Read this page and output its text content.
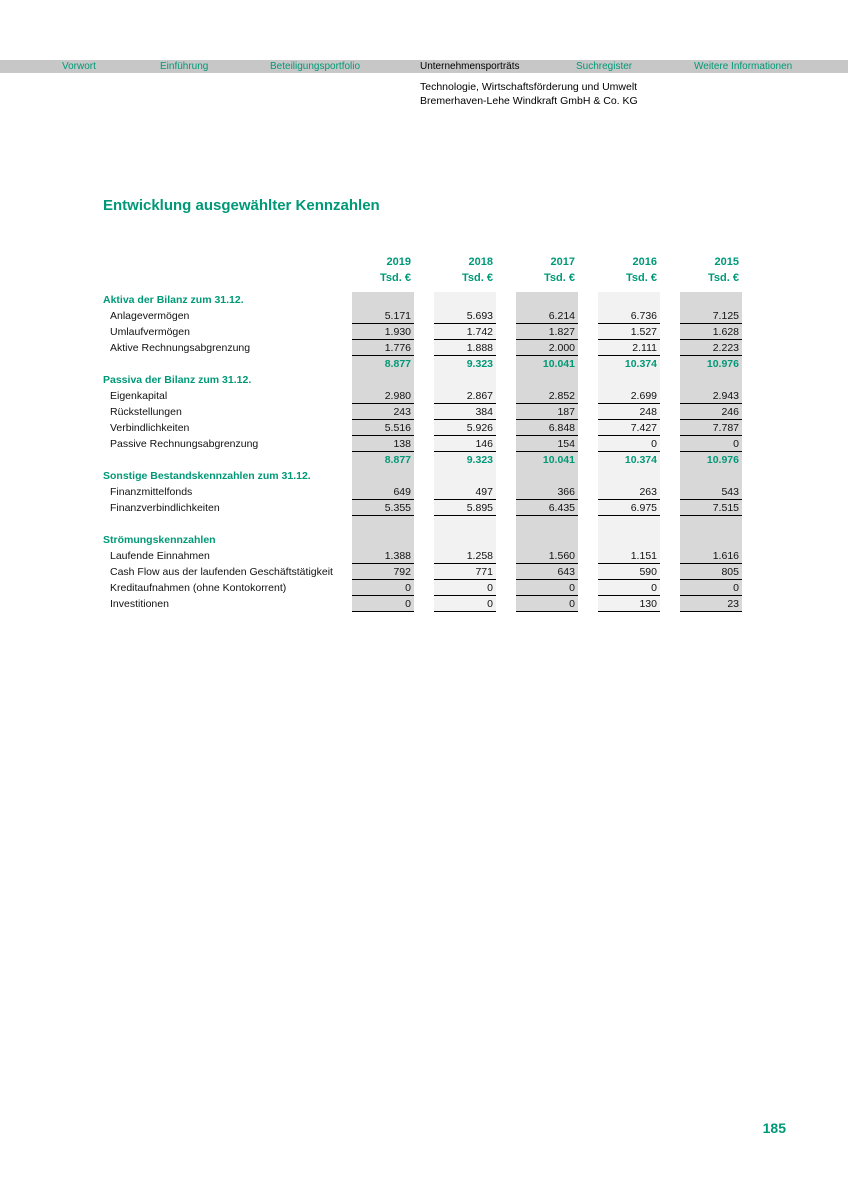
Vorwort	Einführung	Beteiligungsportfolio	Unternehmensporträts	Suchregister	Weitere Informationen
Technologie, Wirtschaftsförderung und Umwelt
Bremerhaven-Lehe Windkraft GmbH & Co. KG
Entwicklung ausgewählter Kennzahlen
2019	2018	2017	2016	2015
Tsd. €	Tsd. €	Tsd. €	Tsd. €	Tsd. €
Aktiva der Bilanz zum 31.12.
Anlagevermögen	5.171	5.693	6.214	6.736	7.125
Umlaufvermögen	1.930	1.742	1.827	1.527	1.628
Aktive Rechnungsabgrenzung	1.776	1.888	2.000	2.111	2.223
8.877	9.323	10.041	10.374	10.976
Passiva der Bilanz zum 31.12.
Eigenkapital	2.980	2.867	2.852	2.699	2.943
Rückstellungen	243	384	187	248	246
Verbindlichkeiten	5.516	5.926	6.848	7.427	7.787
Passive Rechnungsabgrenzung	138	146	154	0	0
8.877	9.323	10.041	10.374	10.976
Sonstige Bestandskennzahlen zum 31.12.
Finanzmittelfonds	649	497	366	263	543
Finanzverbindlichkeiten	5.355	5.895	6.435	6.975	7.515
Strömungskennzahlen
Laufende Einnahmen	1.388	1.258	1.560	1.151	1.616
Cash Flow aus der laufenden Geschäftstätigkeit	792	771	643	590	805
Kreditaufnahmen (ohne Kontokorrent)	0	0	0	0	0
Investitionen	0	0	0	130	23
185
